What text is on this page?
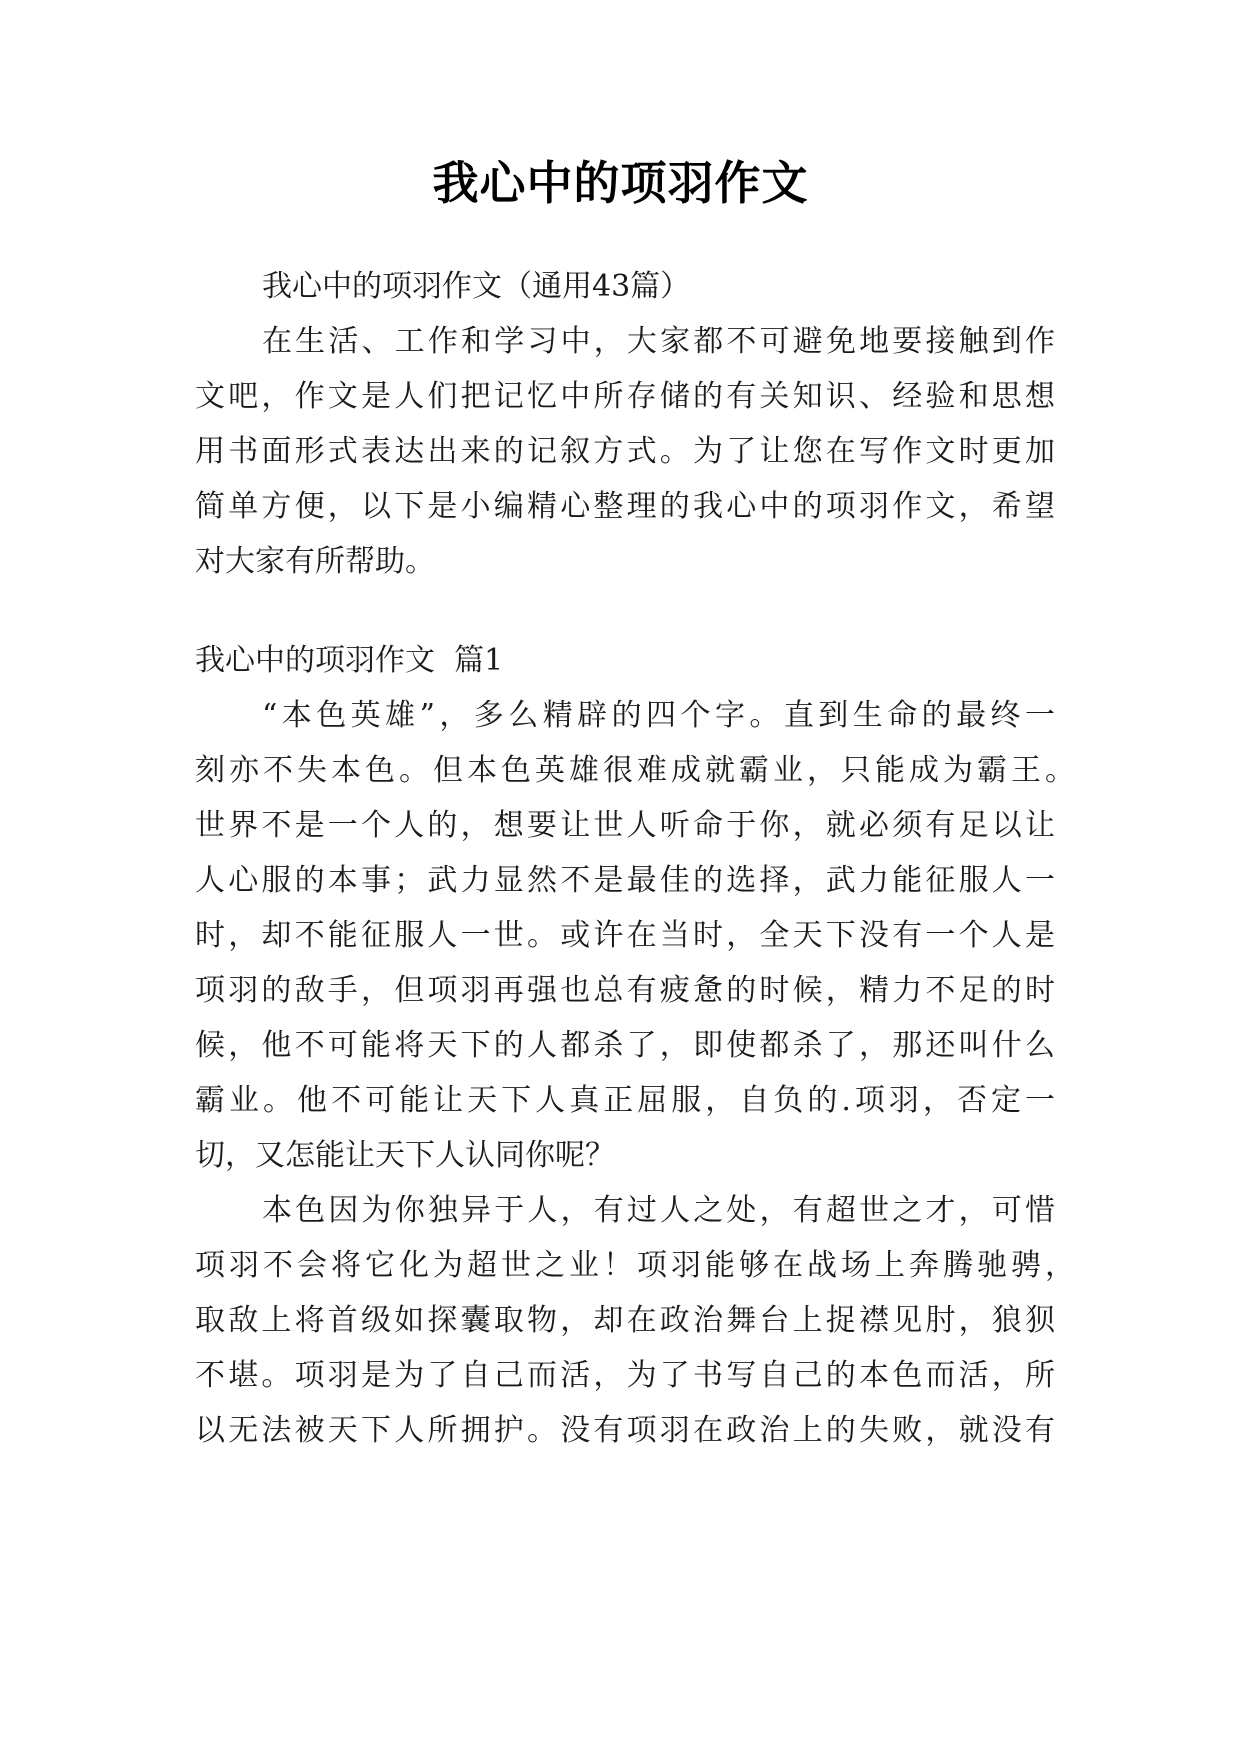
我心中的项羽作文

我心中的项羽作文（通用43篇）

在生活、工作和学习中，大家都不可避免地要接触到作

文吧，作文是人们把记忆中所存储的有关知识、经验和思想

用书面形式表达出来的记叙方式。为了让您在写作文时更加

简单方便，以下是小编精心整理的我心中的项羽作文，希望

对大家有所帮助。

我心中的项羽作文  篇1

“本色英雄”，多么精辟的四个字。直到生命的最终一

刻亦不失本色。但本色英雄很难成就霸业，只能成为霸王。

世界不是一个人的，想要让世人听命于你，就必须有足以让

人心服的本事；武力显然不是最佳的选择，武力能征服人一

时，却不能征服人一世。或许在当时，全天下没有一个人是

项羽的敌手，但项羽再强也总有疲惫的时候，精力不足的时

候，他不可能将天下的人都杀了，即使都杀了，那还叫什么

霸业。他不可能让天下人真正屈服，自负的.项羽，否定一

切，又怎能让天下人认同你呢？

本色因为你独异于人，有过人之处，有超世之才，可惜

项羽不会将它化为超世之业！项羽能够在战场上奔腾驰骋，

取敌上将首级如探囊取物，却在政治舞台上捉襟见肘，狼狈

不堪。项羽是为了自己而活，为了书写自己的本色而活，所

以无法被天下人所拥护。没有项羽在政治上的失败，就没有
